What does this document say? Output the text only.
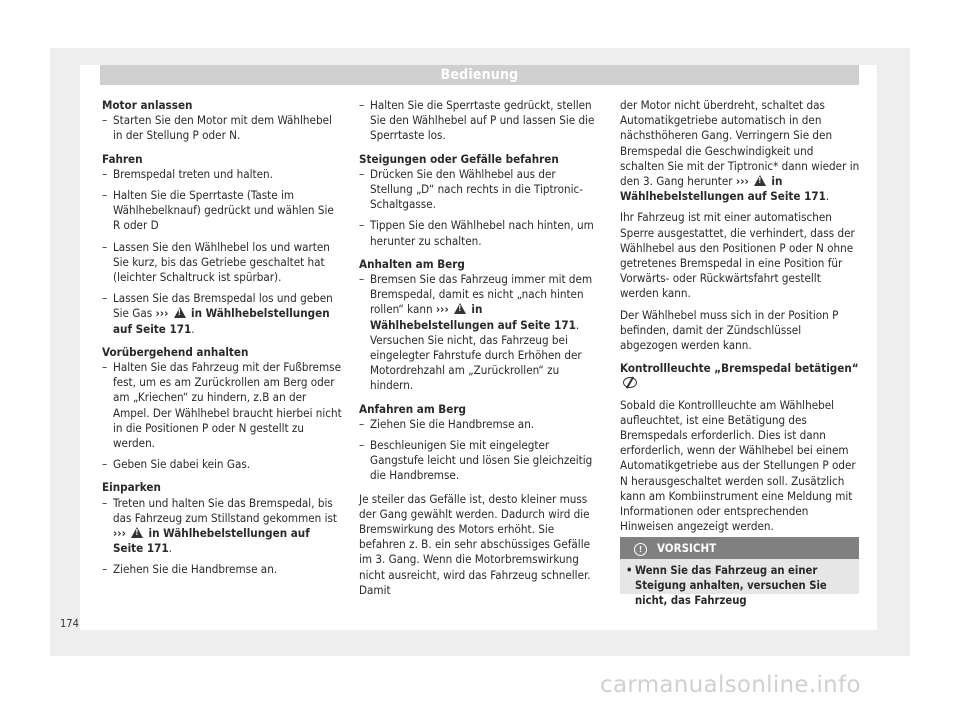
Bedienung

Motor anlassen

– Starten Sie den Motor mit dem Wählhebel in der Stellung P oder N.

Fahren

– Bremspedal treten und halten.
– Halten Sie die Sperrtaste (Taste im Wählhebelknauf) gedrückt und wählen Sie R oder D
– Lassen Sie den Wählhebel los und warten Sie kurz, bis das Getriebe geschaltet hat (leichter Schaltruck ist spürbar).
– Lassen Sie das Bremspedal los und geben Sie Gas ››› ! in Wählhebelstellungen auf Seite 171.

Vorübergehend anhalten

– Halten Sie das Fahrzeug mit der Fußbremse fest, um es am Zurückrollen am Berg oder am „Kriechen“ zu hindern, z.B an der Ampel. Der Wählhebel braucht hierbei nicht in die Positionen P oder N gestellt zu werden.
– Geben Sie dabei kein Gas.

Einparken

– Treten und halten Sie das Bremspedal, bis das Fahrzeug zum Stillstand gekommen ist ››› ! in Wählhebelstellungen auf Seite 171.
– Ziehen Sie die Handbremse an.
– Halten Sie die Sperrtaste gedrückt, stellen Sie den Wählhebel auf P und lassen Sie die Sperrtaste los.

Steigungen oder Gefälle befahren

– Drücken Sie den Wählhebel aus der Stellung „D“ nach rechts in die Tiptronic-Schaltgasse.
– Tippen Sie den Wählhebel nach hinten, um herunter zu schalten.

Anhalten am Berg

– Bremsen Sie das Fahrzeug immer mit dem Bremspedal, damit es nicht „nach hinten rollen“ kann ››› ! in Wählhebelstellungen auf Seite 171. Versuchen Sie nicht, das Fahrzeug bei eingelegter Fahrstufe durch Erhöhen der Motordrehzahl am „Zurückrollen“ zu hindern.

Anfahren am Berg

– Ziehen Sie die Handbremse an.
– Beschleunigen Sie mit eingelegter Gangstufe leicht und lösen Sie gleichzeitig die Handbremse.

Je steiler das Gefälle ist, desto kleiner muss der Gang gewählt werden. Dadurch wird die Bremswirkung des Motors erhöht. Sie befahren z. B. ein sehr abschüssiges Gefälle im 3. Gang. Wenn die Motorbremswirkung nicht ausreicht, wird das Fahrzeug schneller. Damit

der Motor nicht überdreht, schaltet das Automatikgetriebe automatisch in den nächsthöheren Gang. Verringern Sie den Bremspedal die Geschwindigkeit und schalten Sie mit der Tiptronic* dann wieder in den 3. Gang herunter ››› ! in Wählhebelstellungen auf Seite 171.

Ihr Fahrzeug ist mit einer automatischen Sperre ausgestattet, die verhindert, dass der Wählhebel aus den Positionen P oder N ohne getretenes Bremspedal in eine Position für Vorwärts- oder Rückwärtsfahrt gestellt werden kann.

Der Wählhebel muss sich in der Position P befinden, damit der Zündschlüssel abgezogen werden kann.

Kontrollleuchte „Bremspedal betätigen“

Sobald die Kontrollleuchte am Wählhebel aufleuchtet, ist eine Betätigung des Bremspedals erforderlich. Dies ist dann erforderlich, wenn der Wählhebel bei einem Automatikgetriebe aus der Stellungen P oder N herausgeschaltet werden soll. Zusätzlich kann am Kombiinstrument eine Meldung mit Informationen oder entsprechenden Hinweisen angezeigt werden.

! VORSICHT
• Wenn Sie das Fahrzeug an einer Steigung anhalten, versuchen Sie nicht, das Fahrzeug
174
carmanualsonline.info
